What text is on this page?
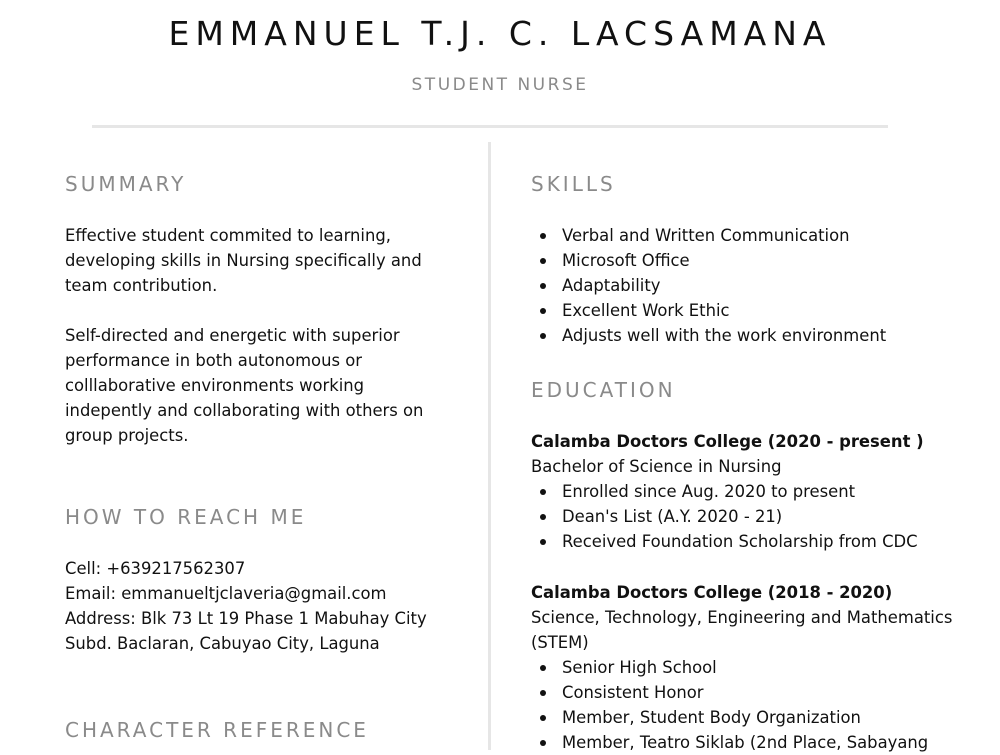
EMMANUEL T.J. C. LACSAMANA
STUDENT NURSE
SUMMARY
Effective student commited to learning,
developing skills in Nursing specifically and
team contribution.
Self-directed and energetic with superior
performance in both autonomous or
colllaborative environments working
indepently and collaborating with others on
group projects.
HOW TO REACH ME
Cell: +639217562307
Email: emmanueltjclaveria@gmail.com
Address: Blk 73 Lt 19 Phase 1 Mabuhay City
Subd. Baclaran, Cabuyao City, Laguna
CHARACTER REFERENCE
SKILLS
Verbal and Written Communication
Microsoft Office
Adaptability
Excellent Work Ethic
Adjusts well with the work environment
EDUCATION
Calamba Doctors College (2020 - present )
Bachelor of Science in Nursing
Enrolled since Aug. 2020 to present
Dean's List (A.Y. 2020 - 21)
Received Foundation Scholarship from CDC
Calamba Doctors College (2018 - 2020)
Science, Technology, Engineering and Mathematics
(STEM)
Senior High School
Consistent Honor
Member, Student Body Organization
Member, Teatro Siklab (2nd Place, Sabayang
